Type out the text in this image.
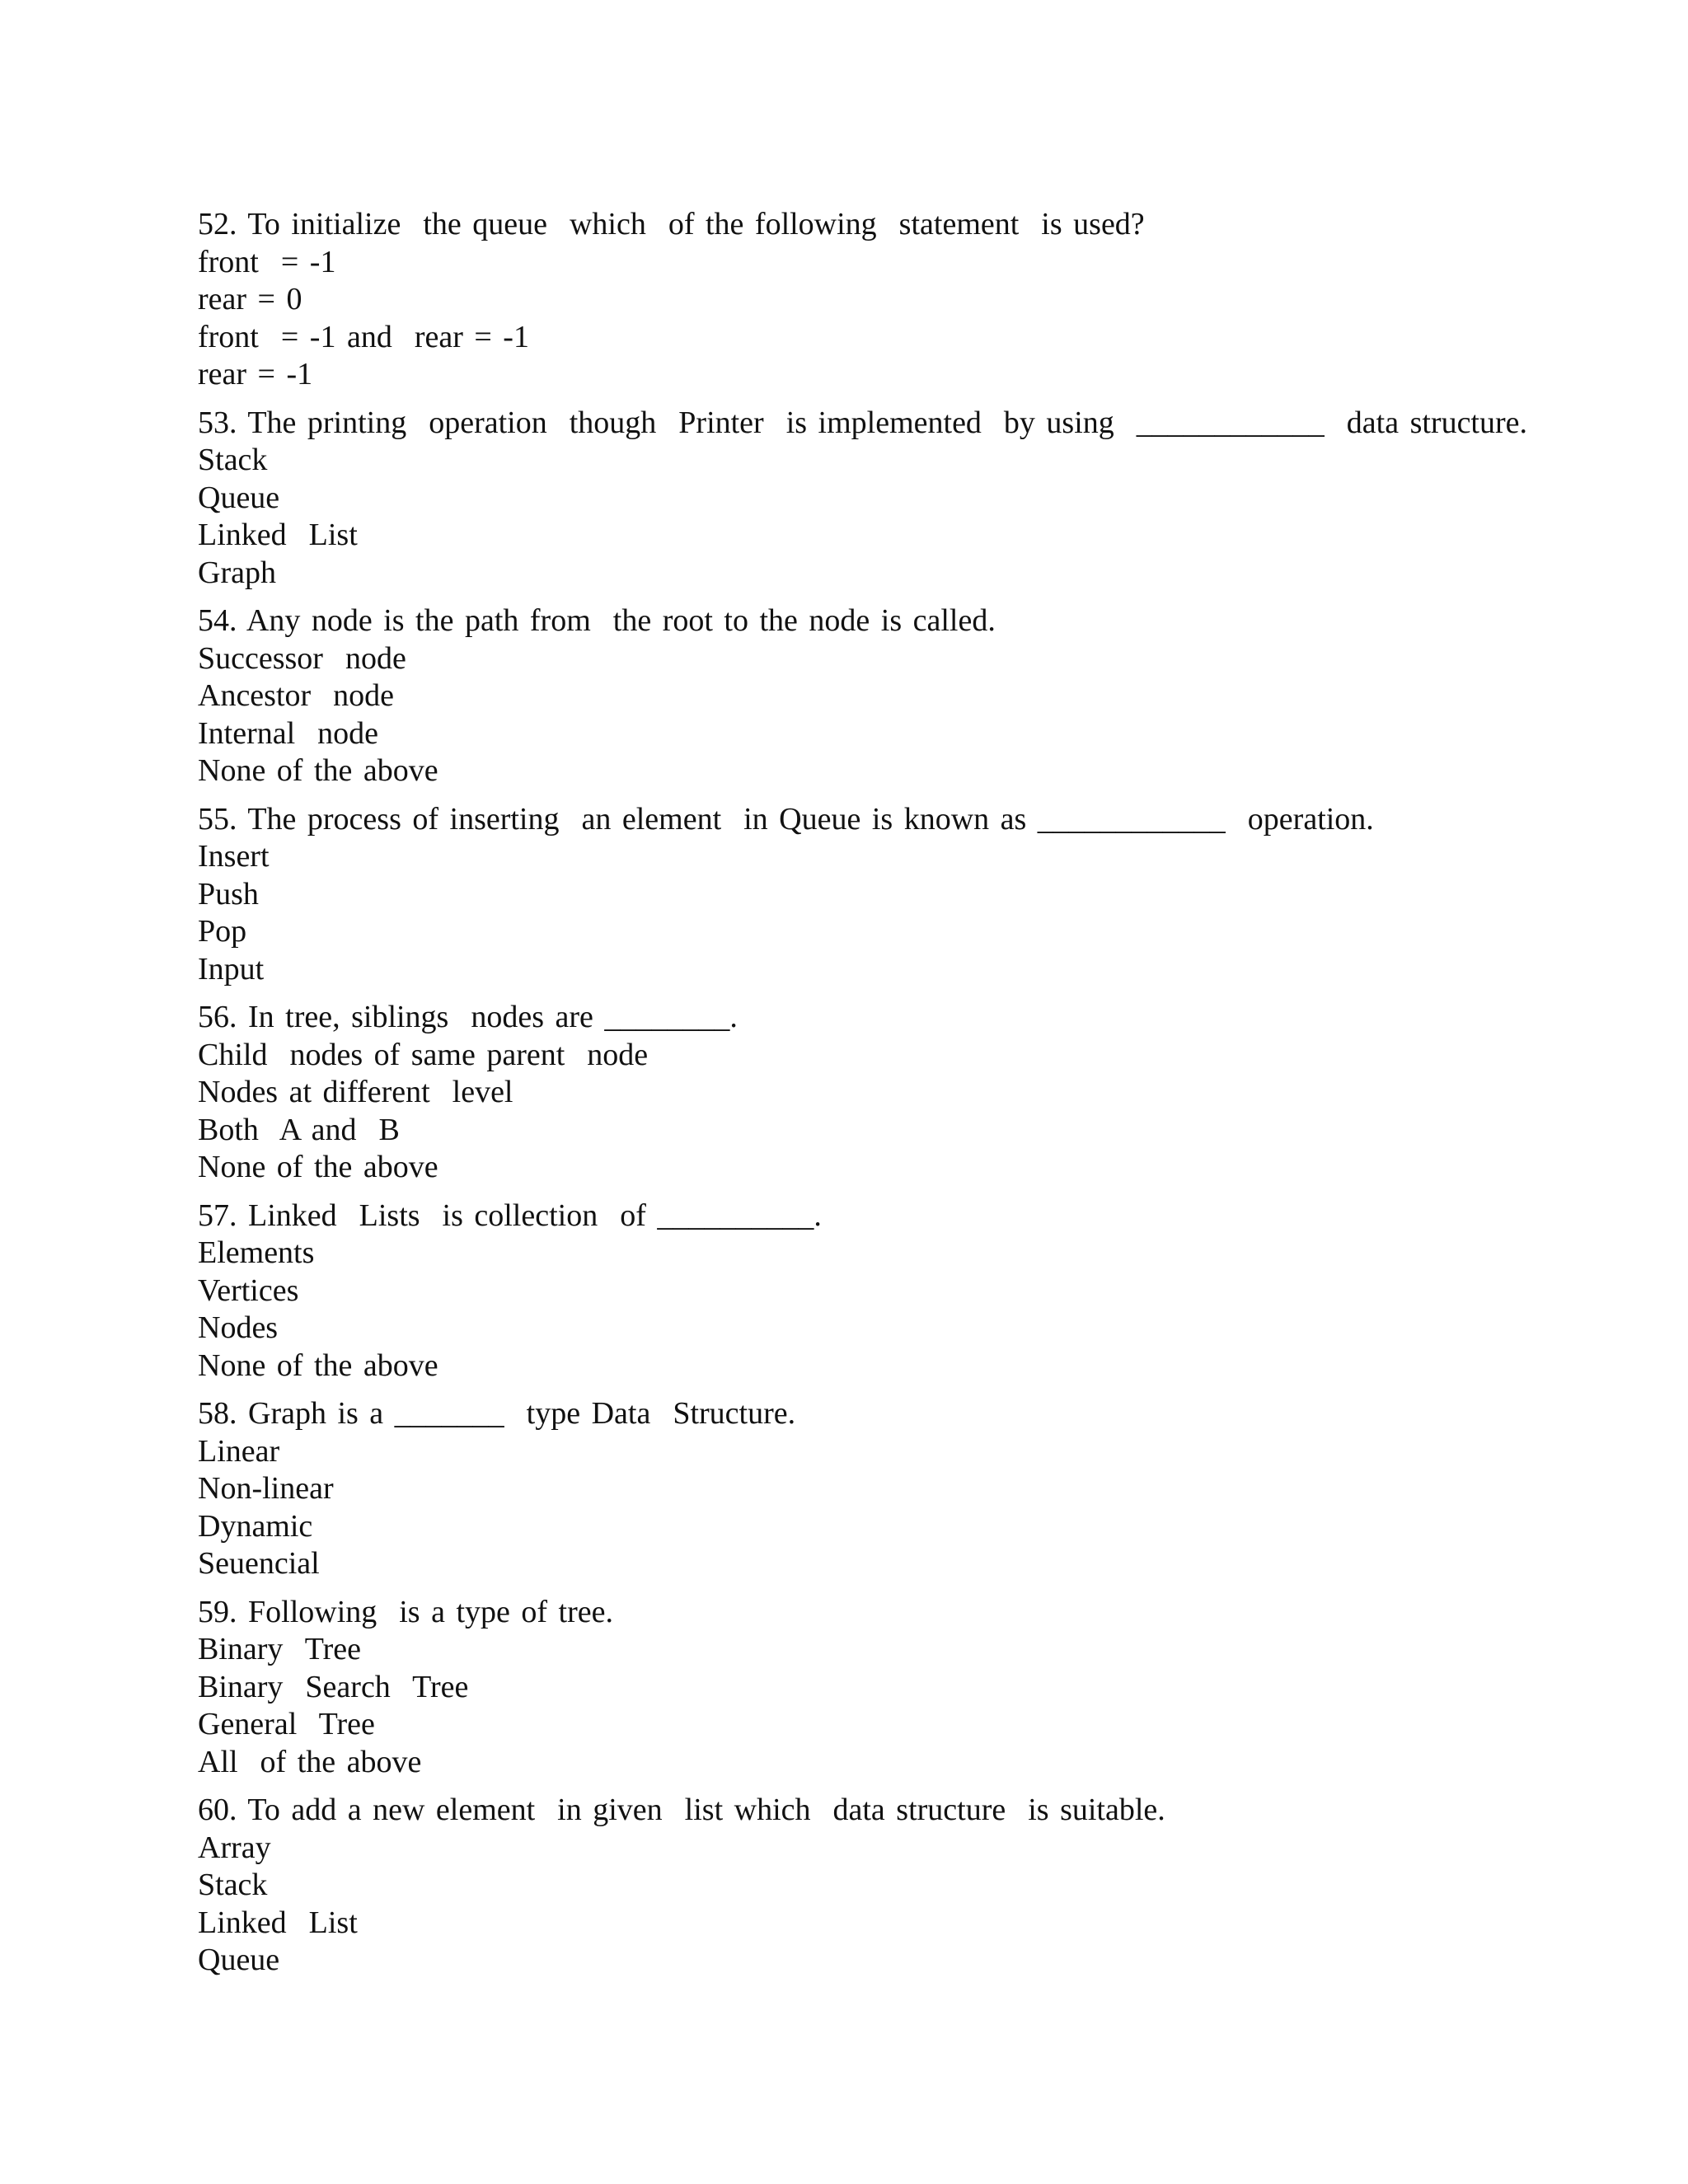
52. To initialize  the queue  which  of the following  statement  is used?
front  = -1
rear = 0
front  = -1 and  rear = -1
rear = -1
53. The printing  operation  though  Printer  is implemented  by using  ____________  data structure.
Stack
Queue
Linked  List
Graph
54. Any node is the path from  the root to the node is called.
Successor  node
Ancestor  node
Internal  node
None of the above
55. The process of inserting  an element  in Queue is known as ____________  operation.
Insert
Push
Pop
Input
56. In tree, siblings  nodes are ________.
Child  nodes of same parent  node
Nodes at different  level
Both  A and  B
None of the above
57. Linked  Lists  is collection  of __________.
Elements
Vertices
Nodes
None of the above
58. Graph is a _______  type Data  Structure.
Linear
Non-linear
Dynamic
Seuencial
59. Following  is a type of tree.
Binary  Tree
Binary  Search  Tree
General  Tree
All  of the above
60. To add a new element  in given  list which  data structure  is suitable.
Array
Stack
Linked  List
Queue
